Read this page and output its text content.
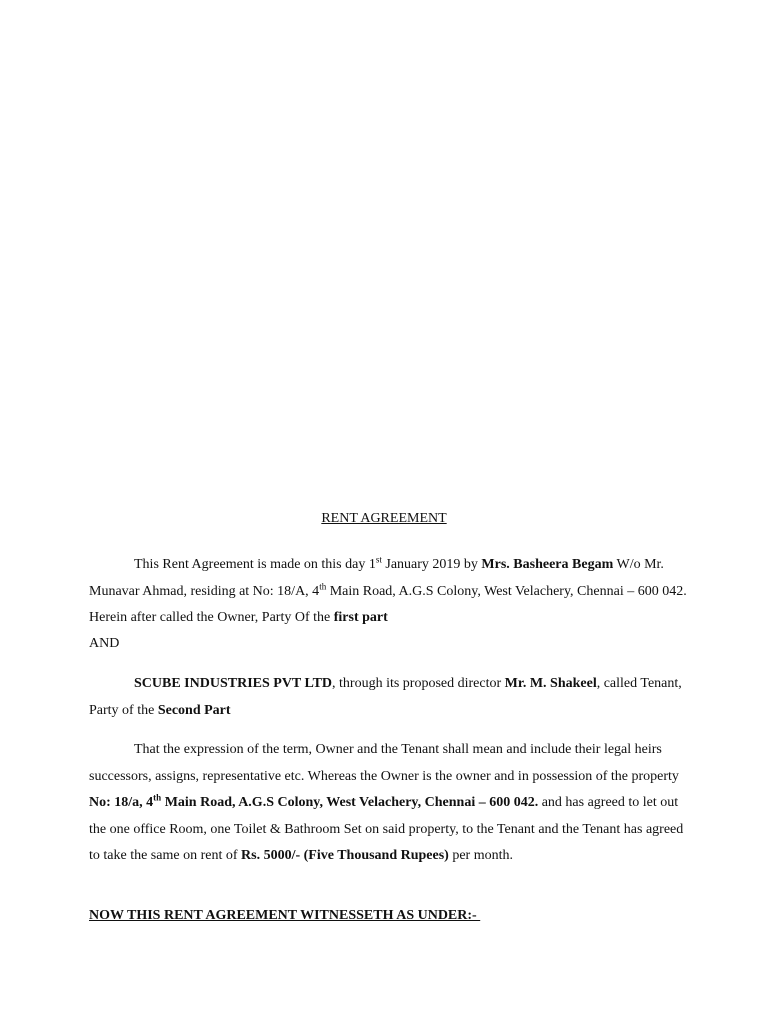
RENT AGREEMENT
This Rent Agreement is made on this day 1st January 2019 by Mrs. Basheera Begam W/o Mr. Munavar Ahmad, residing at No: 18/A, 4th Main Road, A.G.S Colony, West Velachery, Chennai – 600 042. Herein after called the Owner, Party Of the first part
AND
SCUBE INDUSTRIES PVT LTD, through its proposed director Mr. M. Shakeel, called Tenant, Party of the Second Part
That the expression of the term, Owner and the Tenant shall mean and include their legal heirs successors, assigns, representative etc. Whereas the Owner is the owner and in possession of the property No: 18/a, 4th Main Road, A.G.S Colony, West Velachery, Chennai – 600 042. and has agreed to let out the one office Room, one Toilet & Bathroom Set on said property, to the Tenant and the Tenant has agreed to take the same on rent of Rs. 5000/- (Five Thousand Rupees) per month.
NOW THIS RENT AGREEMENT WITNESSETH AS UNDER:-
